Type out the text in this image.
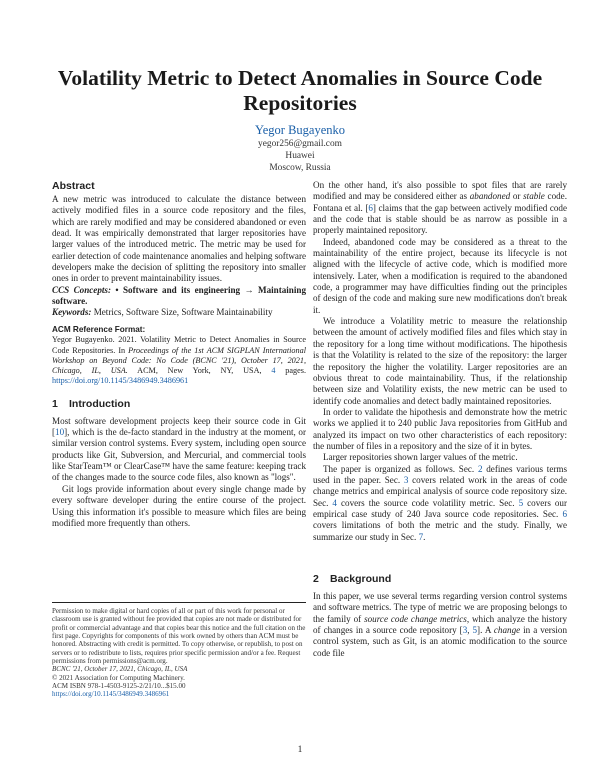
Volatility Metric to Detect Anomalies in Source Code Repositories
Yegor Bugayenko
yegor256@gmail.com
Huawei
Moscow, Russia
Abstract

A new metric was introduced to calculate the distance between actively modified files in a source code repository and the files, which are rarely modified and may be considered abandoned or even dead. It was empirically demonstrated that larger repositories have larger values of the introduced metric. The metric may be used for earlier detection of code maintenance anomalies and helping software developers make the decision of splitting the repository into smaller ones in order to prevent maintainability issues.

CCS Concepts: • Software and its engineering → Maintaining software.

Keywords: Metrics, Software Size, Software Maintainability

ACM Reference Format:
Yegor Bugayenko. 2021. Volatility Metric to Detect Anomalies in Source Code Repositories. In Proceedings of the 1st ACM SIGPLAN International Workshop on Beyond Code: No Code (BCNC '21), October 17, 2021, Chicago, IL, USA. ACM, New York, NY, USA, 4 pages. https://doi.org/10.1145/3486949.3486961
1 Introduction

Most software development projects keep their source code in Git [10], which is the de-facto standard in the industry at the moment, or similar version control systems. Every system, including open source products like Git, Subversion, and Mercurial, and commercial tools like StarTeam™ or ClearCase™ have the same feature: keeping track of the changes made to the source code files, also known as "logs".

Git logs provide information about every single change made by every software developer during the entire course of the project. Using this information it's possible to measure which files are being modified more frequently than others.

Permission to make digital or hard copies of all or part of this work for personal or classroom use is granted without fee provided that copies are not made or distributed for profit or commercial advantage and that copies bear this notice and the full citation on the first page. Copyrights for components of this work owned by others than ACM must be honored. Abstracting with credit is permitted. To copy otherwise, or republish, to post on servers or to redistribute to lists, requires prior specific permission and/or a fee. Request permissions from permissions@acm.org.
BCNC '21, October 17, 2021, Chicago, IL, USA
© 2021 Association for Computing Machinery.
ACM ISBN 978-1-4503-9125-2/21/10...$15.00
https://doi.org/10.1145/3486949.3486961

On the other hand, it's also possible to spot files that are rarely modified and may be considered either as abandoned or stable code. Fontana et al. [6] claims that the gap between actively modified code and the code that is stable should be as narrow as possible in a properly maintained repository.

Indeed, abandoned code may be considered as a threat to the maintainability of the entire project, because its lifecycle is not aligned with the lifecycle of active code, which is modified more intensively. Later, when a modification is required to the abandoned code, a programmer may have difficulties finding out the principles of design of the code and making sure new modifications don't break it.

We introduce a Volatility metric to measure the relationship between the amount of actively modified files and files which stay in the repository for a long time without modifications. The hipothesis is that the Volatility is related to the size of the repository: the larger the repository the higher the volatility. Larger repositories are an obvious threat to code maintainability. Thus, if the relationship between size and Volatility exists, the new metric can be used to identify code anomalies and detect badly maintained repositories.

In order to validate the hipothesis and demonstrate how the metric works we applied it to 240 public Java repositories from GitHub and analyzed its impact on two other characteristics of each repository: the number of files in a repository and the size of it in bytes.

Larger repositories shown larger values of the metric.

The paper is organized as follows. Sec. 2 defines various terms used in the paper. Sec. 3 covers related work in the areas of code change metrics and empirical analysis of source code repository size. Sec. 4 covers the source code volatility metric. Sec. 5 covers our empirical case study of 240 Java source code repositories. Sec. 6 covers limitations of both the metric and the study. Finally, we summarize our study in Sec. 7.

2 Background

In this paper, we use several terms regarding version control systems and software metrics. The type of metric we are proposing belongs to the family of source code change metrics, which analyze the history of changes in a source code repository [3, 5]. A change in a version control system, such as Git, is an atomic modification to the source code file

1
